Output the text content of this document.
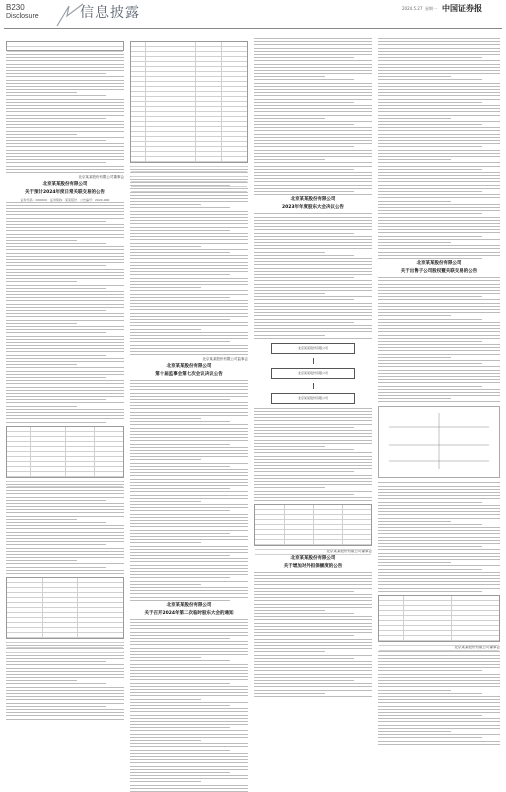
B230
Disclosure	信息披露	2024.5.27 星期一 中国证券报
北京某某股份有限公司董事会
北京某某股份有限公司
关于预计2024年度日常关联交易的公告
证券代码：000000　证券简称：某某股份　公告编号：2024-000
北京某某股份有限公司监事会
北京某某股份有限公司
第十届监事会第七次会议决议公告
北京某某股份有限公司
关于召开2024年第二次临时股东大会的通知
北京某某股份有限公司
2023年年度股东大会决议公告
北京某某股份有限公司
北京某某股份有限公司
北京某某股份有限公司
北京某某股份有限公司董事会
北京某某股份有限公司
关于增加对外担保额度的公告
北京某某股份有限公司
关于出售子公司股权暨关联交易的公告
北京某某股份有限公司董事会
